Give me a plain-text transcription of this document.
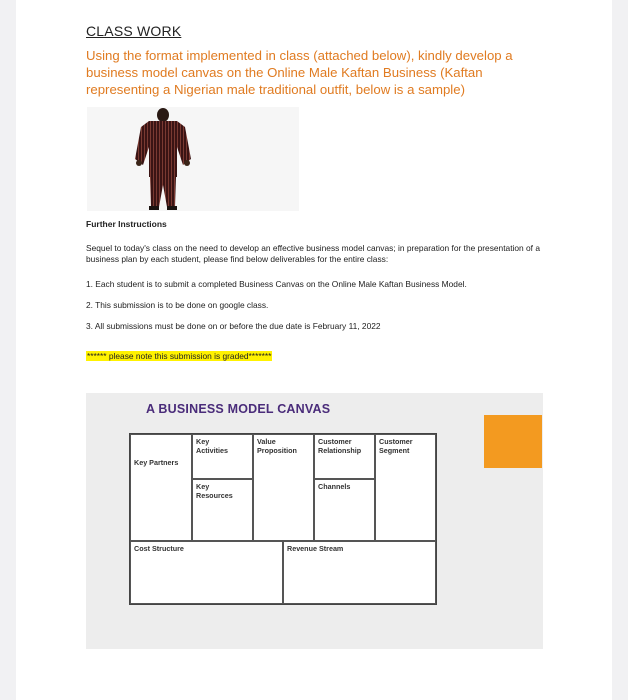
CLASS WORK
Using the format implemented in class (attached below), kindly develop a business model canvas on the Online Male Kaftan Business (Kaftan representing a Nigerian male traditional outfit, below is a sample)
Further Instructions
Sequel to today's class on the need to develop an effective business model canvas; in preparation for the presentation of a business plan by each student, please find below deliverables for the entire class:
1. Each student is to submit a completed Business Canvas on the Online Male Kaftan Business Model.
2. This submission is to be done on google class.
3. All submissions must be done on or before the due date is February 11, 2022
****** please note this submission is graded*******
A BUSINESS MODEL CANVAS
Key Partners
Key Activities
Key Resources
Value Proposition
Customer Relationship
Channels
Customer Segment
Cost Structure	Revenue Stream
